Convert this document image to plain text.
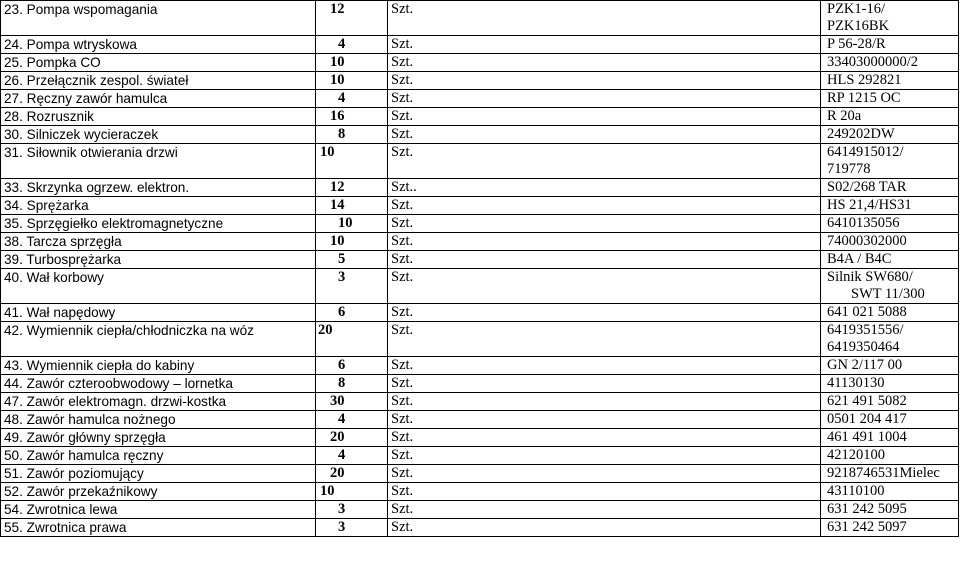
23. Pompa wspomagania	12	Szt.	PZK1-16/
PZK16BK

24. Pompa wtryskowa	4	Szt.	P 56-28/R

25. Pompka CO	10	Szt.	33403000000/2

26. Przełącznik zespol. świateł	10	Szt.	HLS 292821

27. Ręczny zawór hamulca	4	Szt.	RP 1215 OC

28. Rozrusznik	16	Szt.	R 20a

30. Silniczek wycieraczek	8	Szt.	249202DW

31. Siłownik otwierania drzwi	10	Szt.	6414915012/
719778

33. Skrzynka ogrzew. elektron.	12	Szt..	S02/268 TAR

34. Sprężarka	14	Szt.	HS 21,4/HS31

35. Sprzęgiełko elektromagnetyczne	10	Szt.	6410135056

38. Tarcza sprzęgła	10	Szt.	74000302000

39. Turbosprężarka	5	Szt.	B4A / B4C

40. Wał korbowy	3	Szt.	Silnik SW680/
SWT 11/300

41. Wał napędowy	6	Szt.	641 021 5088

42. Wymiennik ciepła/chłodniczka na wóz	20	Szt.	6419351556/
6419350464

43. Wymiennik ciepła do kabiny	6	Szt.	GN 2/117 00

44. Zawór czteroobwodowy – lornetka	8	Szt.	41130130

47. Zawór elektromagn. drzwi-kostka	30	Szt.	621 491 5082

48. Zawór hamulca nożnego	4	Szt.	0501 204 417

49. Zawór główny sprzęgła	20	Szt.	461 491 1004

50. Zawór hamulca ręczny	4	Szt.	42120100

51. Zawór poziomujący	20	Szt.	9218746531Mielec

52. Zawór przekaźnikowy	10	Szt.	43110100

54. Zwrotnica lewa	3	Szt.	631 242 5095

55. Zwrotnica prawa	3	Szt.	631 242 5097
